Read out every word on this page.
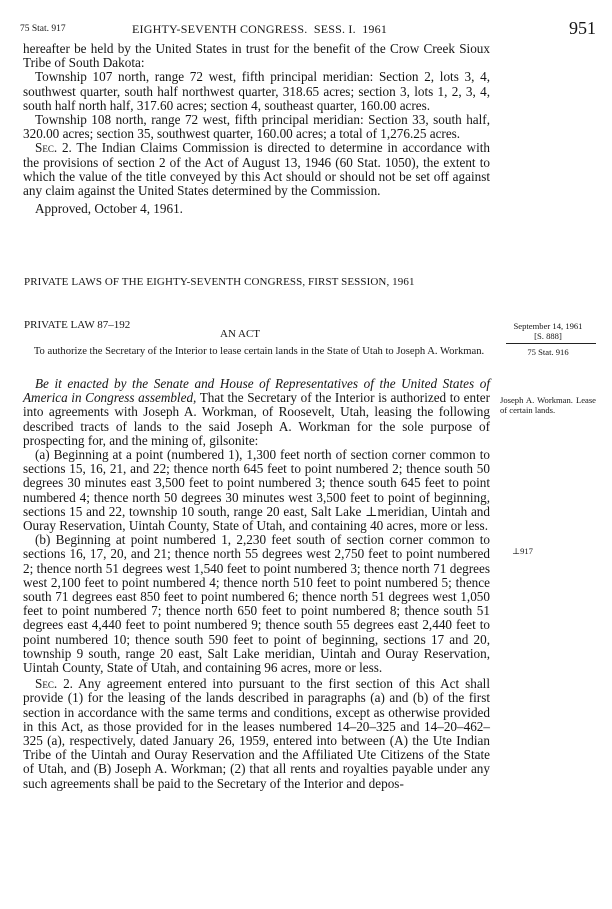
75 Stat. 917	EIGHTY-SEVENTH CONGRESS.  SESS. I.  1961	951

hereafter be held by the United States in trust for the benefit of the Crow Creek Sioux Tribe of South Dakota:

Township 107 north, range 72 west, fifth principal meridian: Section 2, lots 3, 4, southwest quarter, south half northwest quarter, 318.65 acres; section 3, lots 1, 2, 3, 4, south half north half, 317.60 acres; section 4, southeast quarter, 160.00 acres.

Township 108 north, range 72 west, fifth principal meridian: Section 33, south half, 320.00 acres; section 35, southwest quarter, 160.00 acres; a total of 1,276.25 acres.

Sec. 2. The Indian Claims Commission is directed to determine in accordance with the provisions of section 2 of the Act of August 13, 1946 (60 Stat. 1050), the extent to which the value of the title conveyed by this Act should or should not be set off against any claim against the United States determined by the Commission.

Approved, October 4, 1961.

PRIVATE LAWS OF THE EIGHTY-SEVENTH CONGRESS, FIRST SESSION, 1961
PRIVATE LAW 87–192
AN ACT
To authorize the Secretary of the Interior to lease certain lands in the State of Utah to Joseph A. Workman.
September 14, 1961
[S. 888]
75 Stat. 916
Joseph A. Workman. Lease of certain lands.
⊥917

Be it enacted by the Senate and House of Representatives of the United States of America in Congress assembled, That the Secretary of the Interior is authorized to enter into agreements with Joseph A. Workman, of Roosevelt, Utah, leasing the following described tracts of lands to the said Joseph A. Workman for the sole purpose of prospecting for, and the mining of, gilsonite:

(a) Beginning at a point (numbered 1), 1,300 feet north of section corner common to sections 15, 16, 21, and 22; thence north 645 feet to point numbered 2; thence south 50 degrees 30 minutes east 3,500 feet to point numbered 3; thence south 645 feet to point numbered 4; thence north 50 degrees 30 minutes west 3,500 feet to point of beginning, sections 15 and 22, township 10 south, range 20 east, Salt Lake ⊥meridian, Uintah and Ouray Reservation, Uintah County, State of Utah, and containing 40 acres, more or less.

(b) Beginning at point numbered 1, 2,230 feet south of section corner common to sections 16, 17, 20, and 21; thence north 55 degrees west 2,750 feet to point numbered 2; thence north 51 degrees west 1,540 feet to point numbered 3; thence north 71 degrees west 2,100 feet to point numbered 4; thence north 510 feet to point numbered 5; thence south 71 degrees east 850 feet to point numbered 6; thence north 51 degrees west 1,050 feet to point numbered 7; thence north 650 feet to point numbered 8; thence south 51 degrees east 4,440 feet to point numbered 9; thence south 55 degrees east 2,440 feet to point numbered 10; thence south 590 feet to point of beginning, sections 17 and 20, township 9 south, range 20 east, Salt Lake meridian, Uintah and Ouray Reservation, Uintah County, State of Utah, and containing 96 acres, more or less.

Sec. 2. Any agreement entered into pursuant to the first section of this Act shall provide (1) for the leasing of the lands described in paragraphs (a) and (b) of the first section in accordance with the same terms and conditions, except as otherwise provided in this Act, as those provided for in the leases numbered 14–20–325 and 14–20–462–325 (a), respectively, dated January 26, 1959, entered into between (A) the Ute Indian Tribe of the Uintah and Ouray Reservation and the Affiliated Ute Citizens of the State of Utah, and (B) Joseph A. Workman; (2) that all rents and royalties payable under any such agreements shall be paid to the Secretary of the Interior and depos-
